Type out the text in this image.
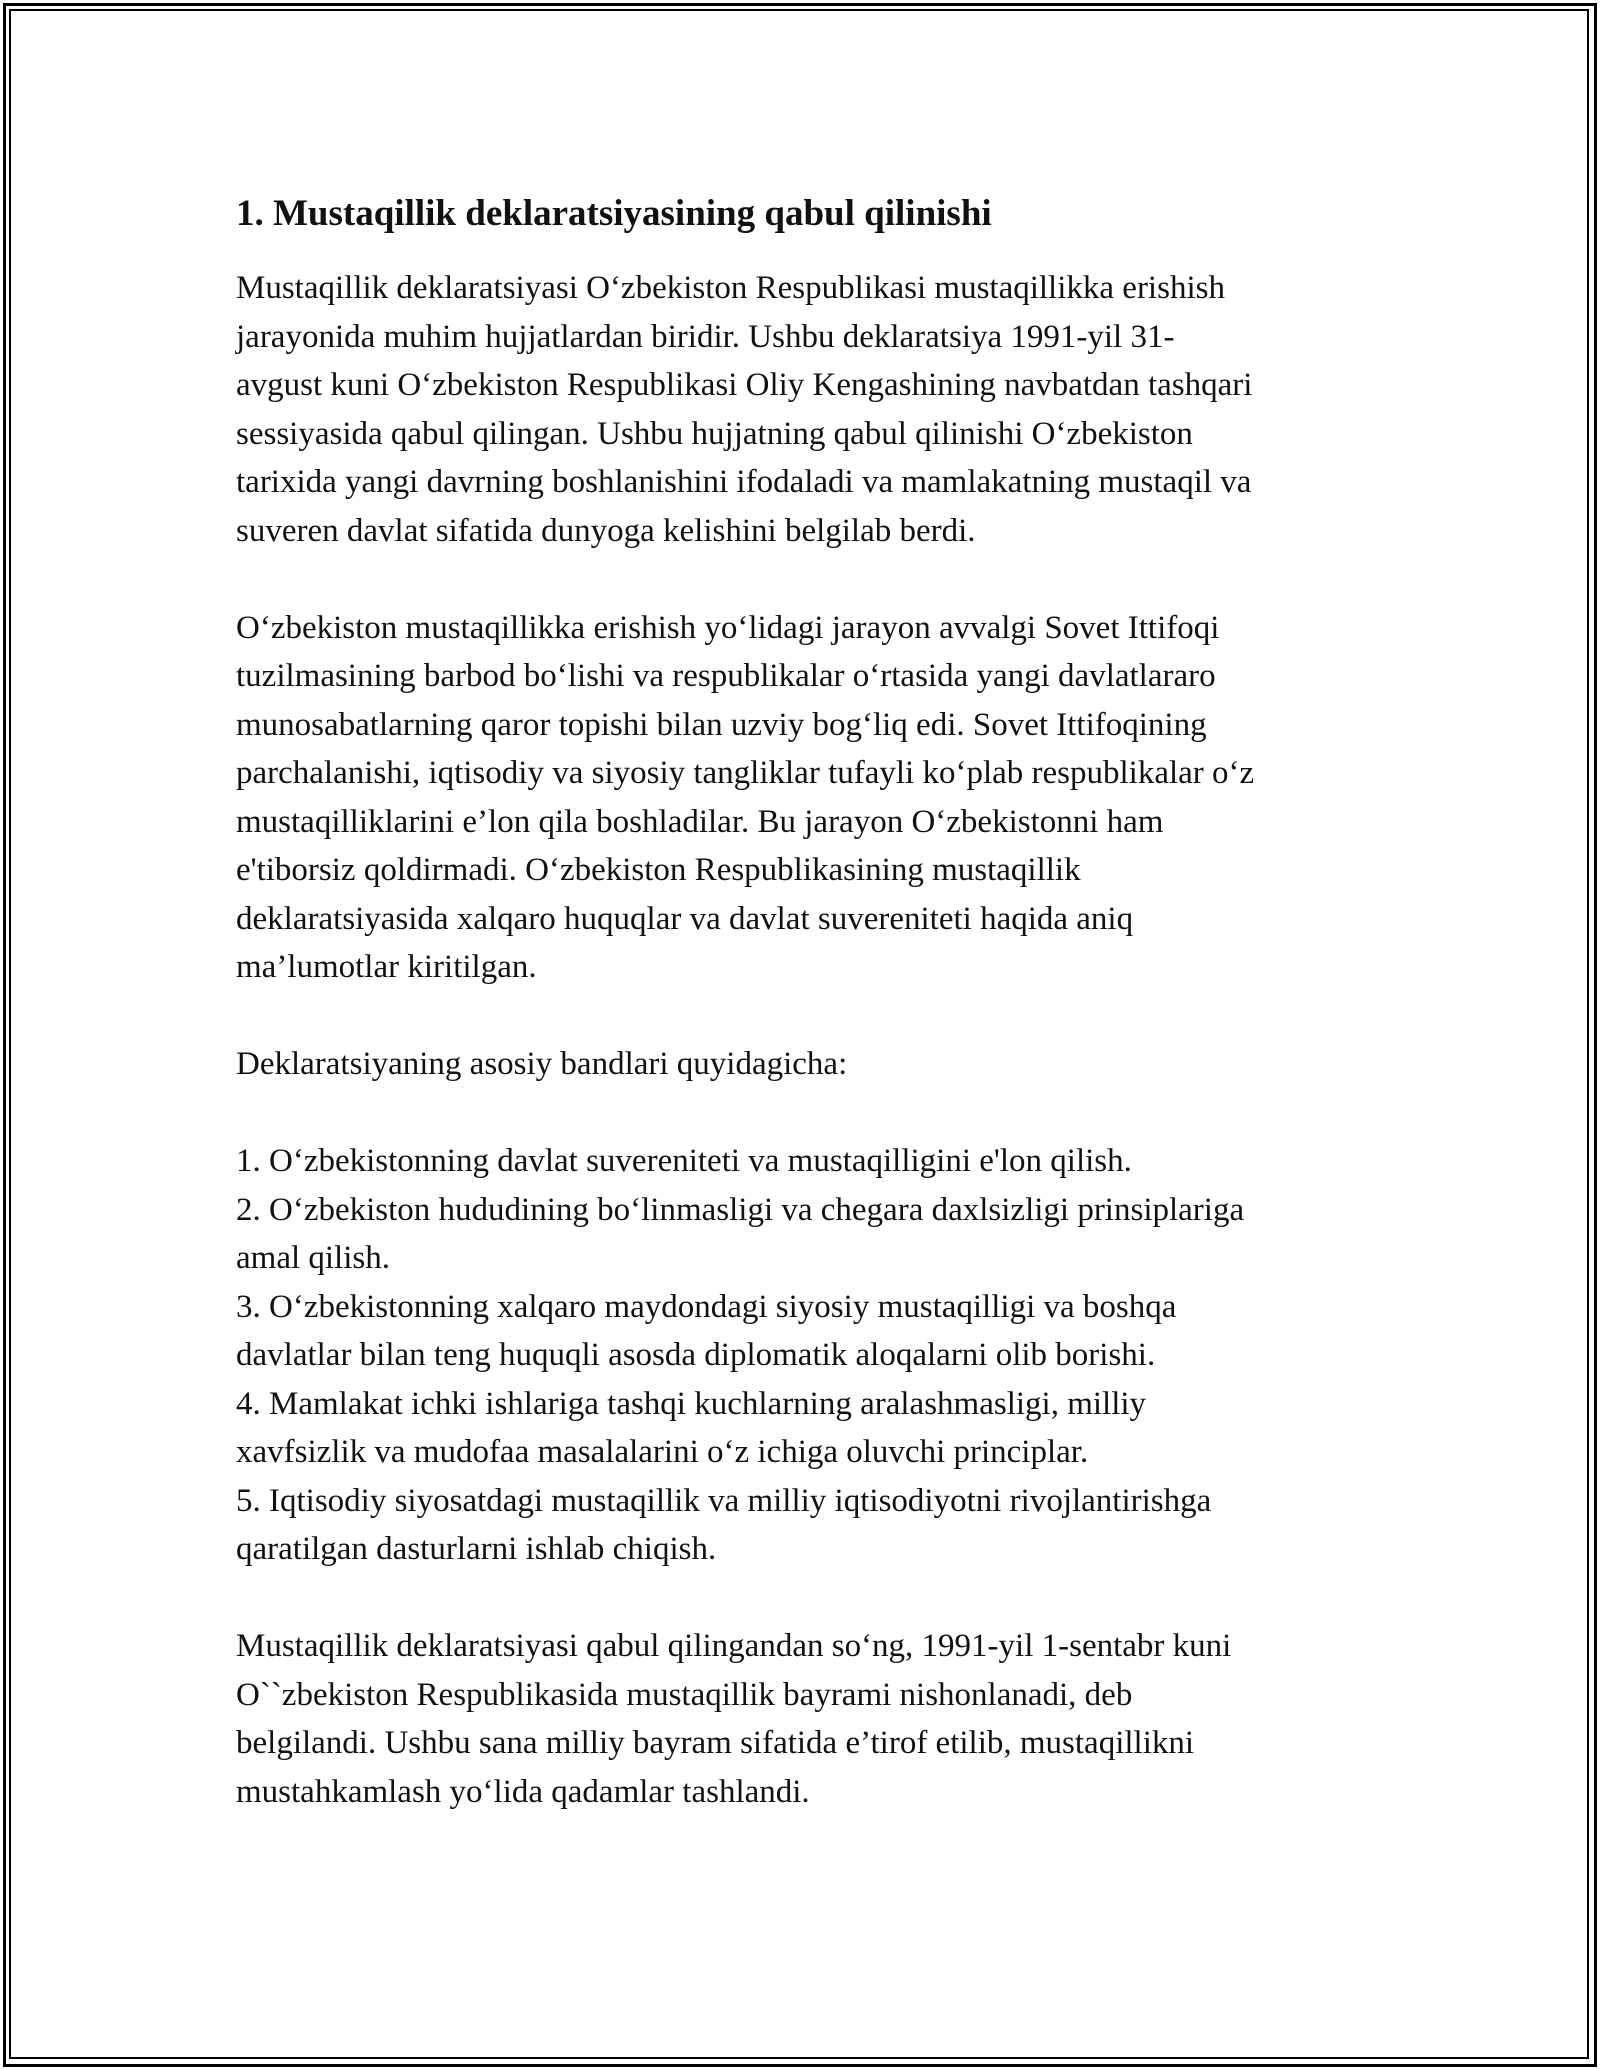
1. Mustaqillik deklaratsiyasining qabul qilinishi

Mustaqillik deklaratsiyasi O‘zbekiston Respublikasi mustaqillikka erishish
jarayonida muhim hujjatlardan biridir. Ushbu deklaratsiya 1991-yil 31-
avgust kuni O‘zbekiston Respublikasi Oliy Kengashining navbatdan tashqari
sessiyasida qabul qilingan. Ushbu hujjatning qabul qilinishi O‘zbekiston
tarixida yangi davrning boshlanishini ifodaladi va mamlakatning mustaqil va
suveren davlat sifatida dunyoga kelishini belgilab berdi.

O‘zbekiston mustaqillikka erishish yo‘lidagi jarayon avvalgi Sovet Ittifoqi
tuzilmasining barbod bo‘lishi va respublikalar o‘rtasida yangi davlatlararo
munosabatlarning qaror topishi bilan uzviy bog‘liq edi. Sovet Ittifoqining
parchalanishi, iqtisodiy va siyosiy tangliklar tufayli ko‘plab respublikalar o‘z
mustaqilliklarini e’lon qila boshladilar. Bu jarayon O‘zbekistonni ham
e'tiborsiz qoldirmadi. O‘zbekiston Respublikasining mustaqillik
deklaratsiyasida xalqaro huquqlar va davlat suvereniteti haqida aniq
ma’lumotlar kiritilgan.

Deklaratsiyaning asosiy bandlari quyidagicha:

1. O‘zbekistonning davlat suvereniteti va mustaqilligini e'lon qilish.

2. O‘zbekiston hududining bo‘linmasligi va chegara daxlsizligi prinsiplariga
amal qilish.

3. O‘zbekistonning xalqaro maydondagi siyosiy mustaqilligi va boshqa
davlatlar bilan teng huquqli asosda diplomatik aloqalarni olib borishi.

4. Mamlakat ichki ishlariga tashqi kuchlarning aralashmasligi, milliy
xavfsizlik va mudofaa masalalarini o‘z ichiga oluvchi principlar.

5. Iqtisodiy siyosatdagi mustaqillik va milliy iqtisodiyotni rivojlantirishga
qaratilgan dasturlarni ishlab chiqish.

Mustaqillik deklaratsiyasi qabul qilingandan so‘ng, 1991-yil 1-sentabr kuni
O``zbekiston Respublikasida mustaqillik bayrami nishonlanadi, deb
belgilandi. Ushbu sana milliy bayram sifatida e’tirof etilib, mustaqillikni
mustahkamlash yo‘lida qadamlar tashlandi.
